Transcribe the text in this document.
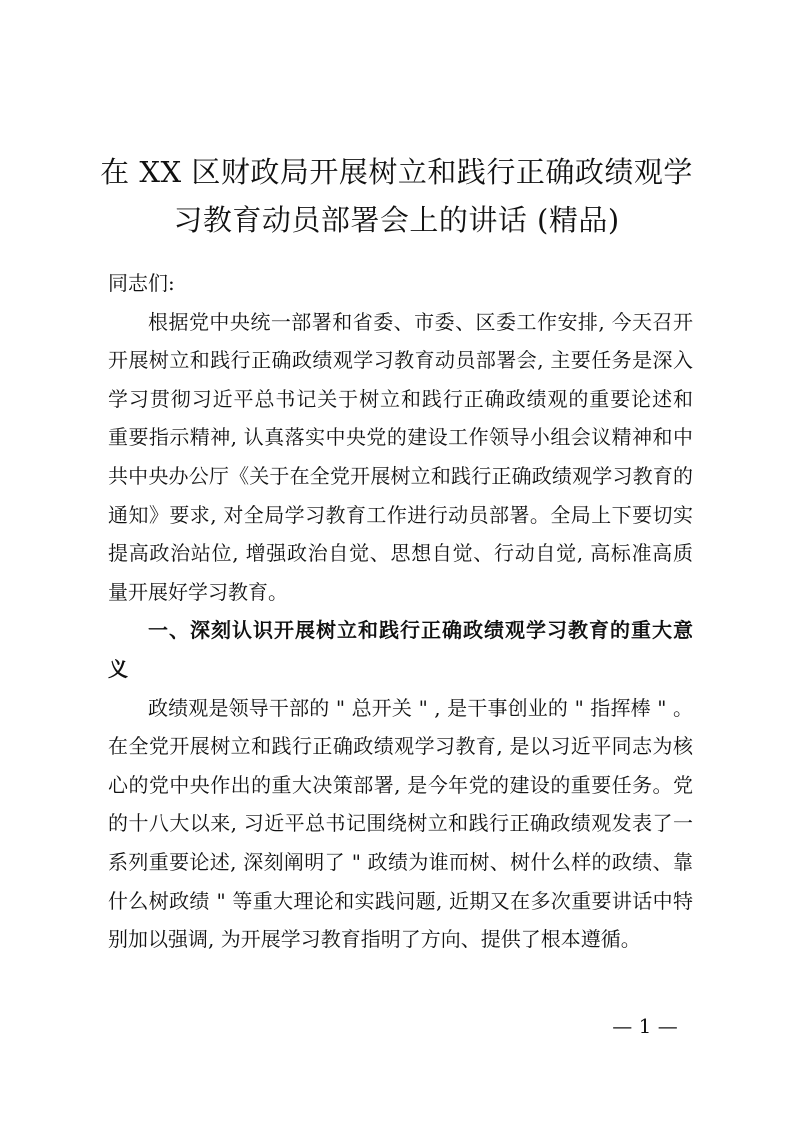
在 XX 区财政局开展树立和践行正确政绩观学
习教育动员部署会上的讲话 (精品)
同志们:
根据党中央统一部署和省委、市委、区委工作安排, 今天召开
开展树立和践行正确政绩观学习教育动员部署会, 主要任务是深入
学习贯彻习近平总书记关于树立和践行正确政绩观的重要论述和
重要指示精神, 认真落实中央党的建设工作领导小组会议精神和中
共中央办公厅《关于在全党开展树立和践行正确政绩观学习教育的
通知》要求, 对全局学习教育工作进行动员部署。全局上下要切实
提高政治站位, 增强政治自觉、思想自觉、行动自觉, 高标准高质
量开展好学习教育。
一、深刻认识开展树立和践行正确政绩观学习教育的重大意
义
政绩观是领导干部的 " 总开关 " , 是干事创业的 " 指挥棒 " 。
在全党开展树立和践行正确政绩观学习教育, 是以习近平同志为核
心的党中央作出的重大决策部署, 是今年党的建设的重要任务。党
的十八大以来, 习近平总书记围绕树立和践行正确政绩观发表了一
系列重要论述, 深刻阐明了 " 政绩为谁而树、树什么样的政绩、靠
什么树政绩 " 等重大理论和实践问题, 近期又在多次重要讲话中特
别加以强调, 为开展学习教育指明了方向、提供了根本遵循。
— 1 —
